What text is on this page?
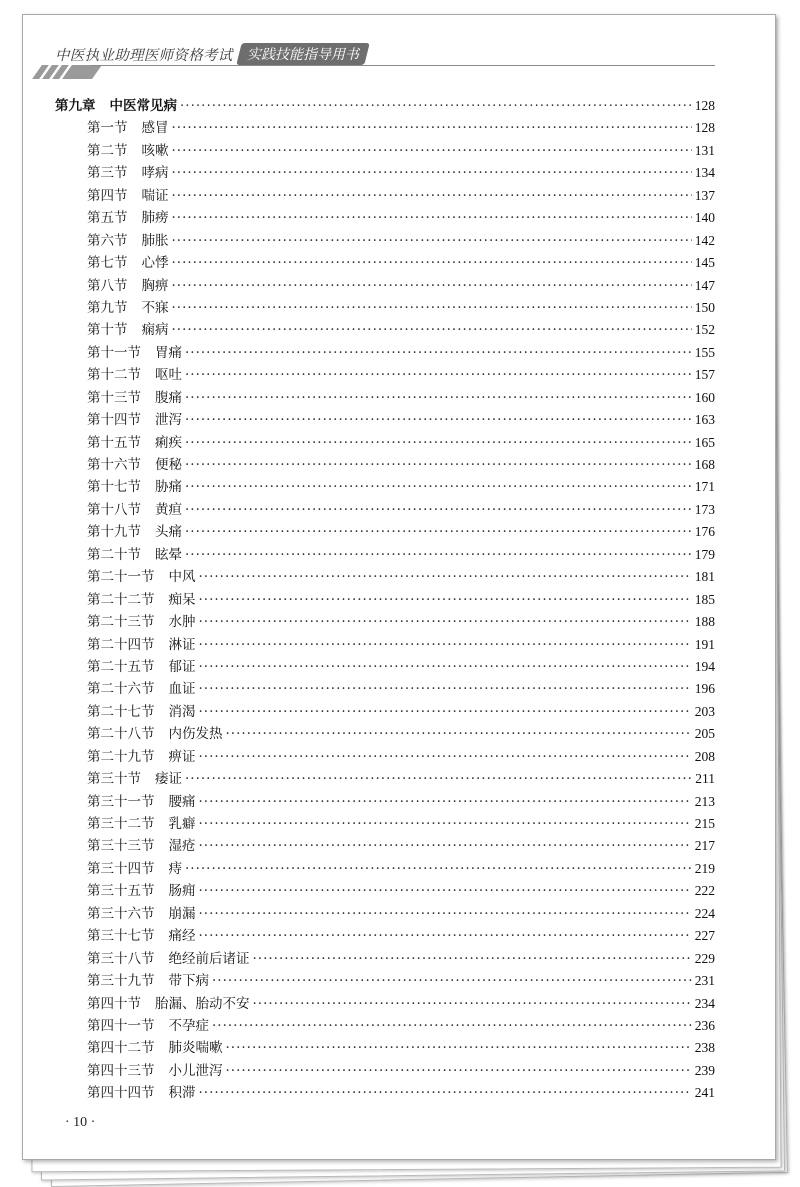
中医执业助理医师资格考试	实践技能指导用书
第九章 中医常见病 ·····	128
第一节 感冒 ·····	128
第二节 咳嗽 ·····	131
第三节 哮病 ·····	134
第四节 喘证 ·····	137
第五节 肺痨 ·····	140
第六节 肺胀 ·····	142
第七节 心悸 ·····	145
第八节 胸痹 ·····	147
第九节 不寐 ·····	150
第十节 痫病 ·····	152
第十一节 胃痛 ·····	155
第十二节 呕吐 ·····	157
第十三节 腹痛 ·····	160
第十四节 泄泻 ·····	163
第十五节 痢疾 ·····	165
第十六节 便秘 ·····	168
第十七节 胁痛 ·····	171
第十八节 黄疸 ·····	173
第十九节 头痛 ·····	176
第二十节 眩晕 ·····	179
第二十一节 中风 ·····	181
第二十二节 痴呆 ·····	185
第二十三节 水肿 ·····	188
第二十四节 淋证 ·····	191
第二十五节 郁证 ·····	194
第二十六节 血证 ·····	196
第二十七节 消渴 ·····	203
第二十八节 内伤发热 ·····	205
第二十九节 痹证 ·····	208
第三十节 痿证 ·····	211
第三十一节 腰痛 ·····	213
第三十二节 乳癖 ·····	215
第三十三节 湿疮 ·····	217
第三十四节 痔 ·····	219
第三十五节 肠痈 ·····	222
第三十六节 崩漏 ·····	224
第三十七节 痛经 ·····	227
第三十八节 绝经前后诸证 ·····	229
第三十九节 带下病 ·····	231
第四十节 胎漏、胎动不安 ·····	234
第四十一节 不孕症 ·····	236
第四十二节 肺炎喘嗽 ·····	238
第四十三节 小儿泄泻 ·····	239
第四十四节 积滞 ·····	241
· 10 ·
